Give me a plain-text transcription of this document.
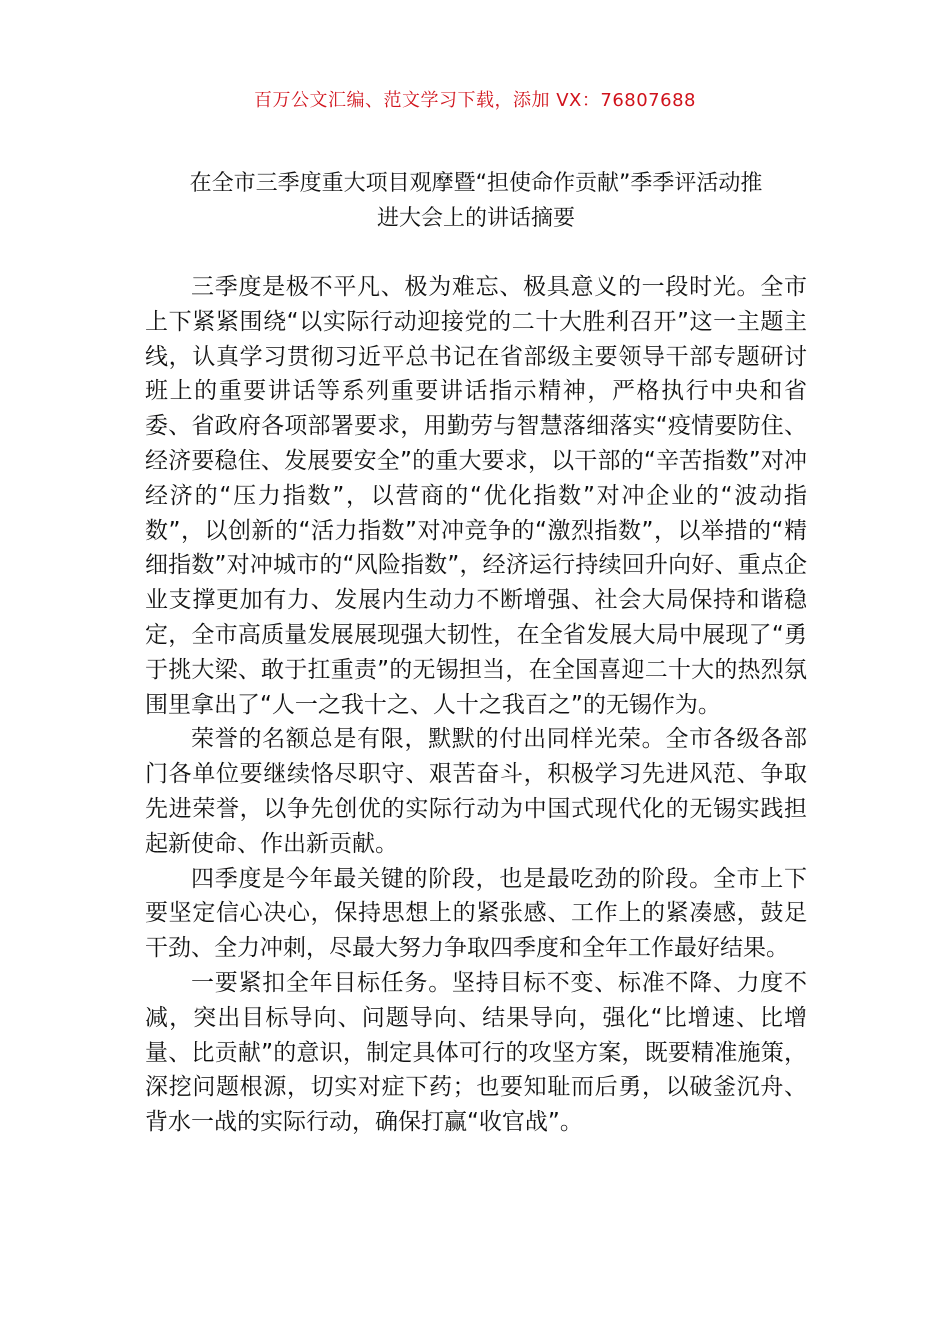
百万公文汇编、范文学习下载，添加 VX：76807688
在全市三季度重大项目观摩暨“担使命作贡献”季季评活动推
进大会上的讲话摘要

三季度是极不平凡、极为难忘、极具意义的一段时光。全市上下紧紧围绕“以实际行动迎接党的二十大胜利召开”这一主题主线，认真学习贯彻习近平总书记在省部级主要领导干部专题研讨班上的重要讲话等系列重要讲话指示精神，严格执行中央和省委、省政府各项部署要求，用勤劳与智慧落细落实“疫情要防住、经济要稳住、发展要安全”的重大要求，以干部的“辛苦指数”对冲经济的“压力指数”，以营商的“优化指数”对冲企业的“波动指数”，以创新的“活力指数”对冲竞争的“激烈指数”，以举措的“精细指数”对冲城市的“风险指数”，经济运行持续回升向好、重点企业支撑更加有力、发展内生动力不断增强、社会大局保持和谐稳定，全市高质量发展展现强大韧性，在全省发展大局中展现了“勇于挑大梁、敢于扛重责”的无锡担当，在全国喜迎二十大的热烈氛围里拿出了“人一之我十之、人十之我百之”的无锡作为。

荣誉的名额总是有限，默默的付出同样光荣。全市各级各部门各单位要继续恪尽职守、艰苦奋斗，积极学习先进风范、争取先进荣誉，以争先创优的实际行动为中国式现代化的无锡实践担起新使命、作出新贡献。

四季度是今年最关键的阶段，也是最吃劲的阶段。全市上下要坚定信心决心，保持思想上的紧张感、工作上的紧凑感，鼓足干劲、全力冲刺，尽最大努力争取四季度和全年工作最好结果。

一要紧扣全年目标任务。坚持目标不变、标准不降、力度不减，突出目标导向、问题导向、结果导向，强化“比增速、比增量、比贡献”的意识，制定具体可行的攻坚方案，既要精准施策，深挖问题根源，切实对症下药；也要知耻而后勇，以破釜沉舟、背水一战的实际行动，确保打赢“收官战”。
